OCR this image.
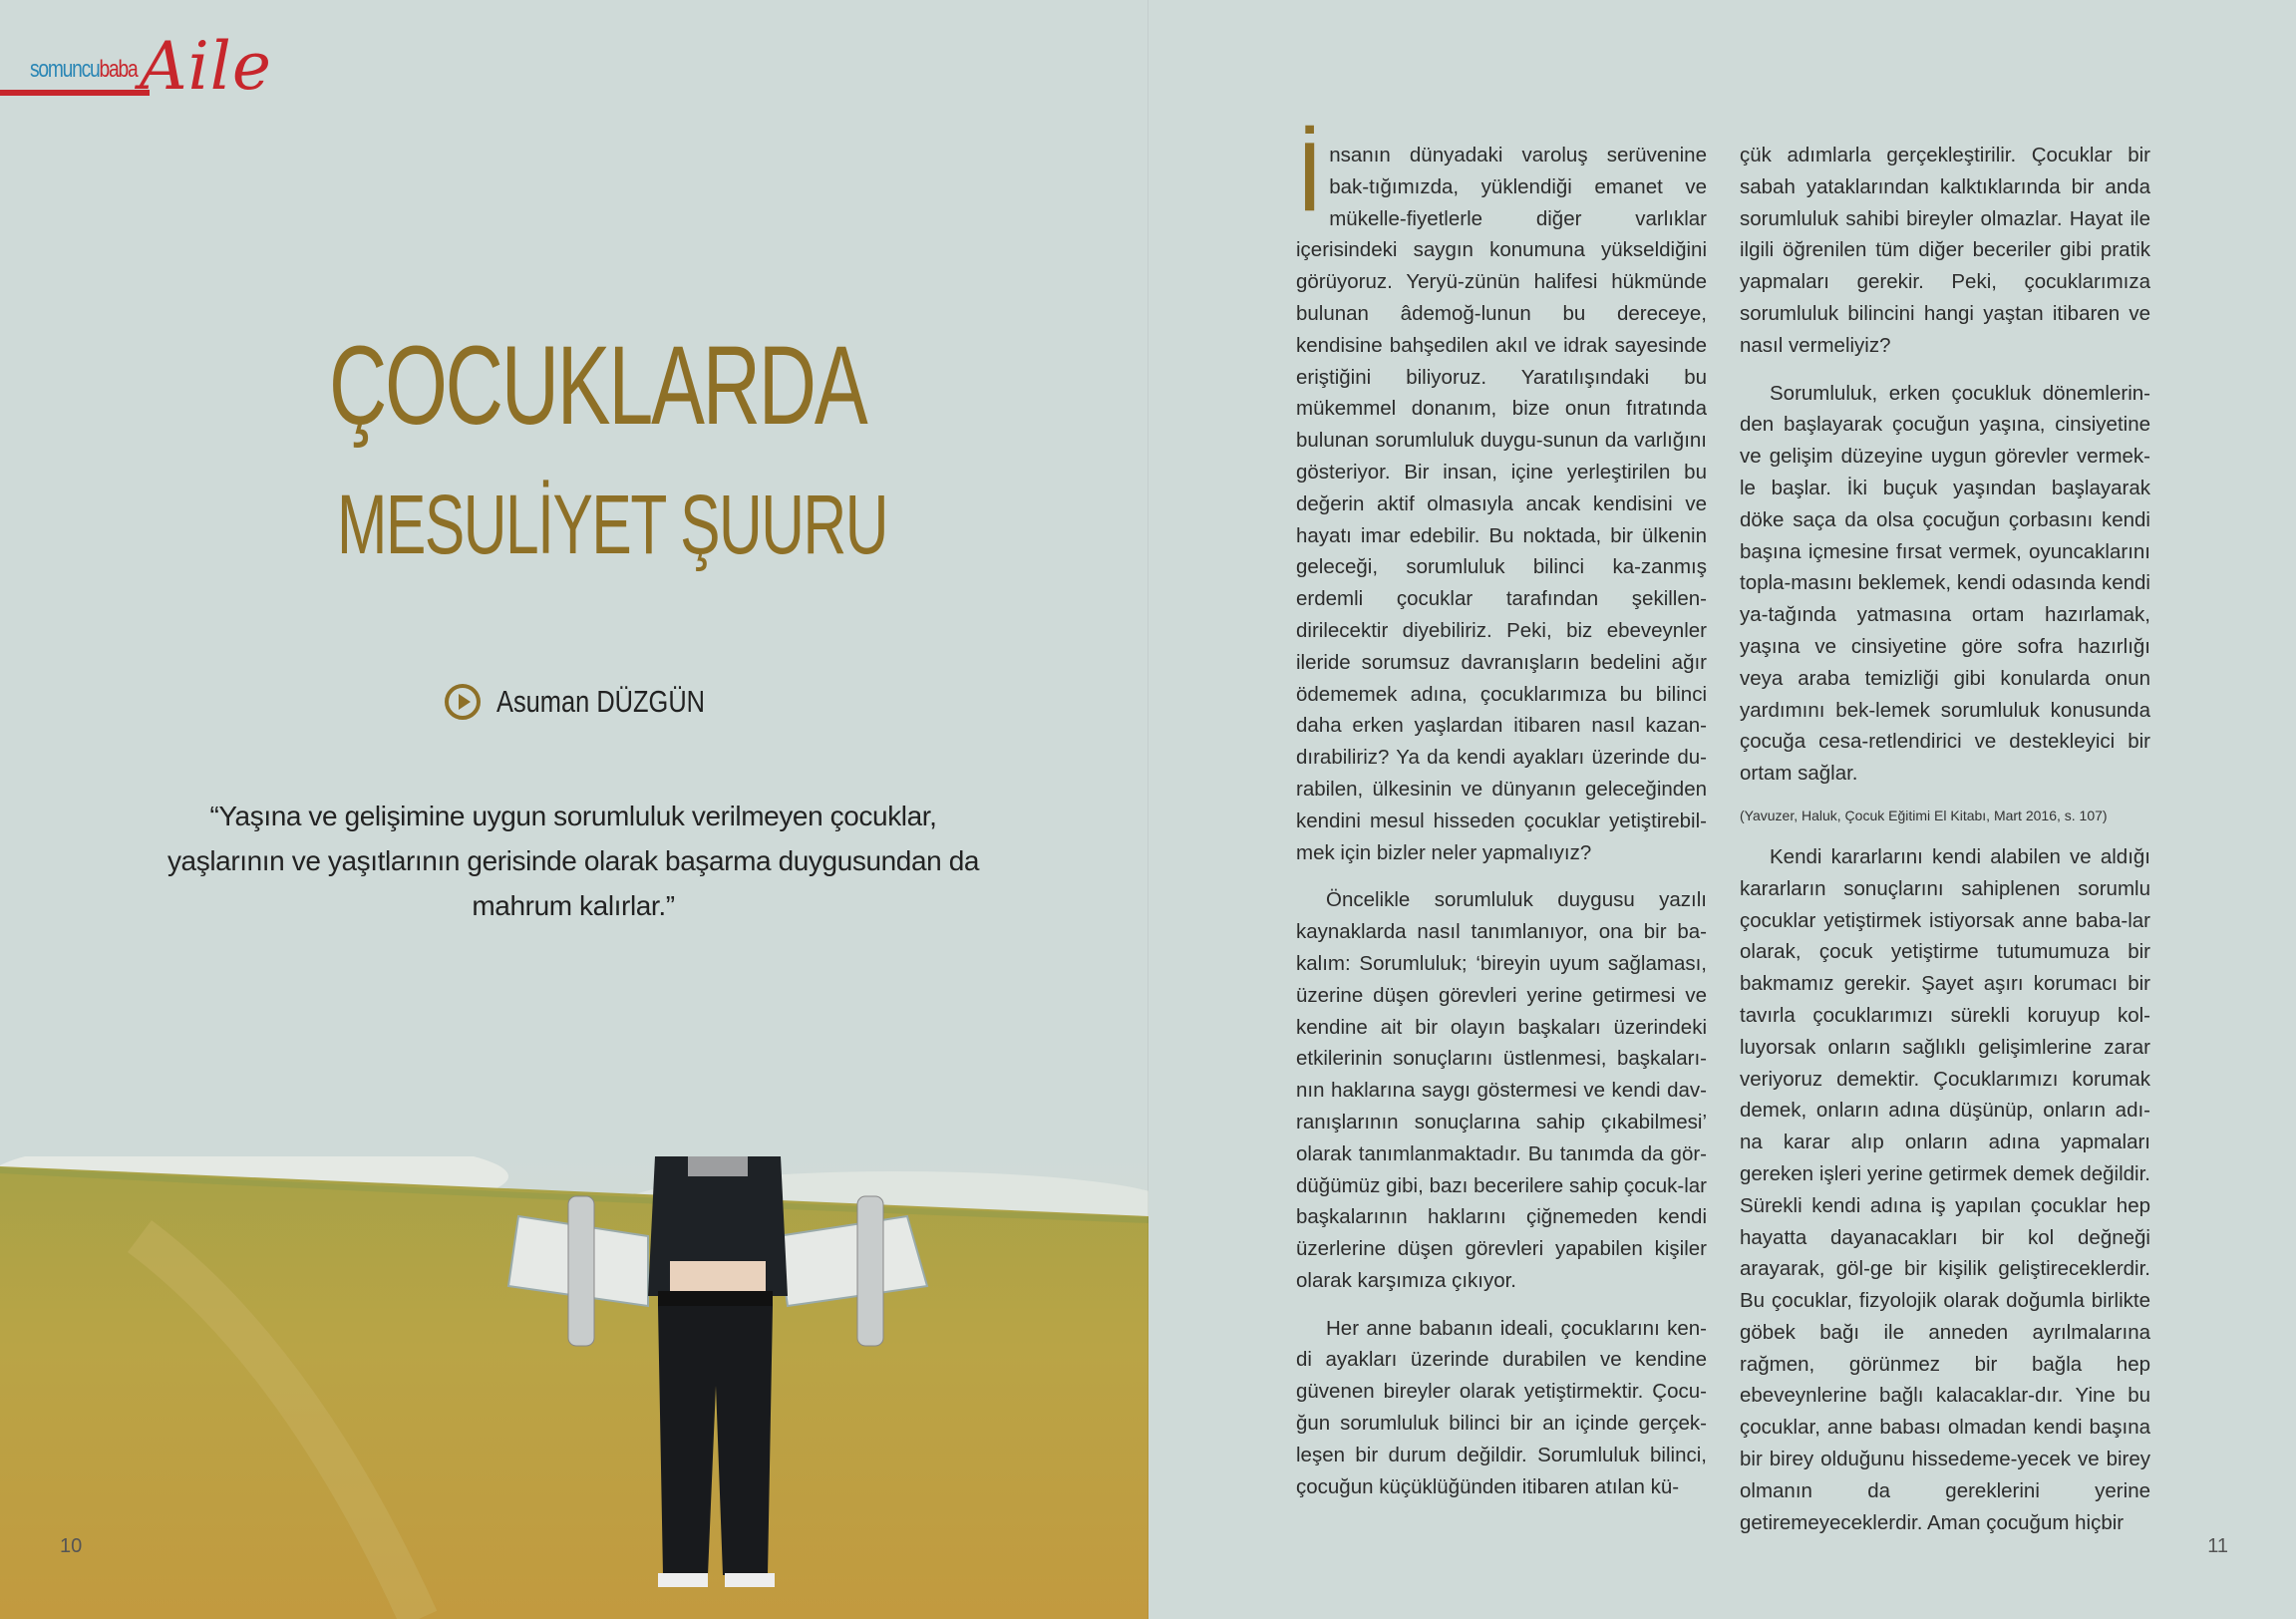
somuncubaba Aile
ÇOCUKLARDA
MESULİYET ŞUURU
Asuman DÜZGÜN
“Yaşına ve gelişimine uygun sorumluluk verilmeyen çocuklar, yaşlarının ve yaşıtlarının gerisinde olarak başarma duygusundan da mahrum kalırlar.”
10	11

İnsanın dünyadaki varoluş serüvenine bak-tığımızda, yüklendiği emanet ve mükelle-fiyetlerle diğer varlıklar içerisindeki saygın konumuna yükseldiğini görüyoruz. Yeryü-zünün halifesi hükmünde bulunan âdemoğ-lunun bu dereceye, kendisine bahşedilen akıl ve idrak sayesinde eriştiğini biliyoruz. Yaratılışındaki bu mükemmel donanım, bize onun fıtratında bulunan sorumluluk duygu-sunun da varlığını gösteriyor. Bir insan, içine yerleştirilen bu değerin aktif olmasıyla ancak kendisini ve hayatı imar edebilir. Bu noktada, bir ülkenin geleceği, sorumluluk bilinci ka-zanmış erdemli çocuklar tarafından şekillen-dirilecektir diyebiliriz. Peki, biz ebeveynler ileride sorumsuz davranışların bedelini ağır ödememek adına, çocuklarımıza bu bilinci daha erken yaşlardan itibaren nasıl kazan-dırabiliriz? Ya da kendi ayakları üzerinde du-rabilen, ülkesinin ve dünyanın geleceğinden kendini mesul hisseden çocuklar yetiştirebil-mek için bizler neler yapmalıyız?

Öncelikle sorumluluk duygusu yazılı kaynaklarda nasıl tanımlanıyor, ona bir ba-kalım: Sorumluluk; ‘bireyin uyum sağlaması, üzerine düşen görevleri yerine getirmesi ve kendine ait bir olayın başkaları üzerindeki etkilerinin sonuçlarını üstlenmesi, başkaları-nın haklarına saygı göstermesi ve kendi dav-ranışlarının sonuçlarına sahip çıkabilmesi’ olarak tanımlanmaktadır. Bu tanımda da gör-düğümüz gibi, bazı becerilere sahip çocuk-lar başkalarının haklarını çiğnemeden kendi üzerlerine düşen görevleri yapabilen kişiler olarak karşımıza çıkıyor.

Her anne babanın ideali, çocuklarını ken-di ayakları üzerinde durabilen ve kendine güvenen bireyler olarak yetiştirmektir. Çocu-ğun sorumluluk bilinci bir an içinde gerçek-leşen bir durum değildir. Sorumluluk bilinci, çocuğun küçüklüğünden itibaren atılan kü-

çük adımlarla gerçekleştirilir. Çocuklar bir sabah yataklarından kalktıklarında bir anda sorumluluk sahibi bireyler olmazlar. Hayat ile ilgili öğrenilen tüm diğer beceriler gibi pratik yapmaları gerekir. Peki, çocuklarımıza sorumluluk bilincini hangi yaştan itibaren ve nasıl vermeliyiz?

Sorumluluk, erken çocukluk dönemlerin-den başlayarak çocuğun yaşına, cinsiyetine ve gelişim düzeyine uygun görevler vermek-le başlar. İki buçuk yaşından başlayarak döke saça da olsa çocuğun çorbasını kendi başına içmesine fırsat vermek, oyuncaklarını topla-masını beklemek, kendi odasında kendi ya-tağında yatmasına ortam hazırlamak, yaşına ve cinsiyetine göre sofra hazırlığı veya araba temizliği gibi konularda onun yardımını bek-lemek sorumluluk konusunda çocuğa cesa-retlendirici ve destekleyici bir ortam sağlar.

(Yavuzer, Haluk, Çocuk Eğitimi El Kitabı, Mart 2016, s. 107)

Kendi kararlarını kendi alabilen ve aldığı kararların sonuçlarını sahiplenen sorumlu çocuklar yetiştirmek istiyorsak anne baba-lar olarak, çocuk yetiştirme tutumumuza bir bakmamız gerekir. Şayet aşırı korumacı bir tavırla çocuklarımızı sürekli koruyup kol-luyorsak onların sağlıklı gelişimlerine zarar veriyoruz demektir. Çocuklarımızı korumak demek, onların adına düşünüp, onların adı-na karar alıp onların adına yapmaları gereken işleri yerine getirmek demek değildir. Sürekli kendi adına iş yapılan çocuklar hep hayatta dayanacakları bir kol değneği arayarak, göl-ge bir kişilik geliştireceklerdir. Bu çocuklar, fizyolojik olarak doğumla birlikte göbek bağı ile anneden ayrılmalarına rağmen, görünmez bir bağla hep ebeveynlerine bağlı kalacaklar-dır. Yine bu çocuklar, anne babası olmadan kendi başına bir birey olduğunu hissedeme-yecek ve birey olmanın da gereklerini yerine getiremeyeceklerdir. Aman çocuğum hiçbir
